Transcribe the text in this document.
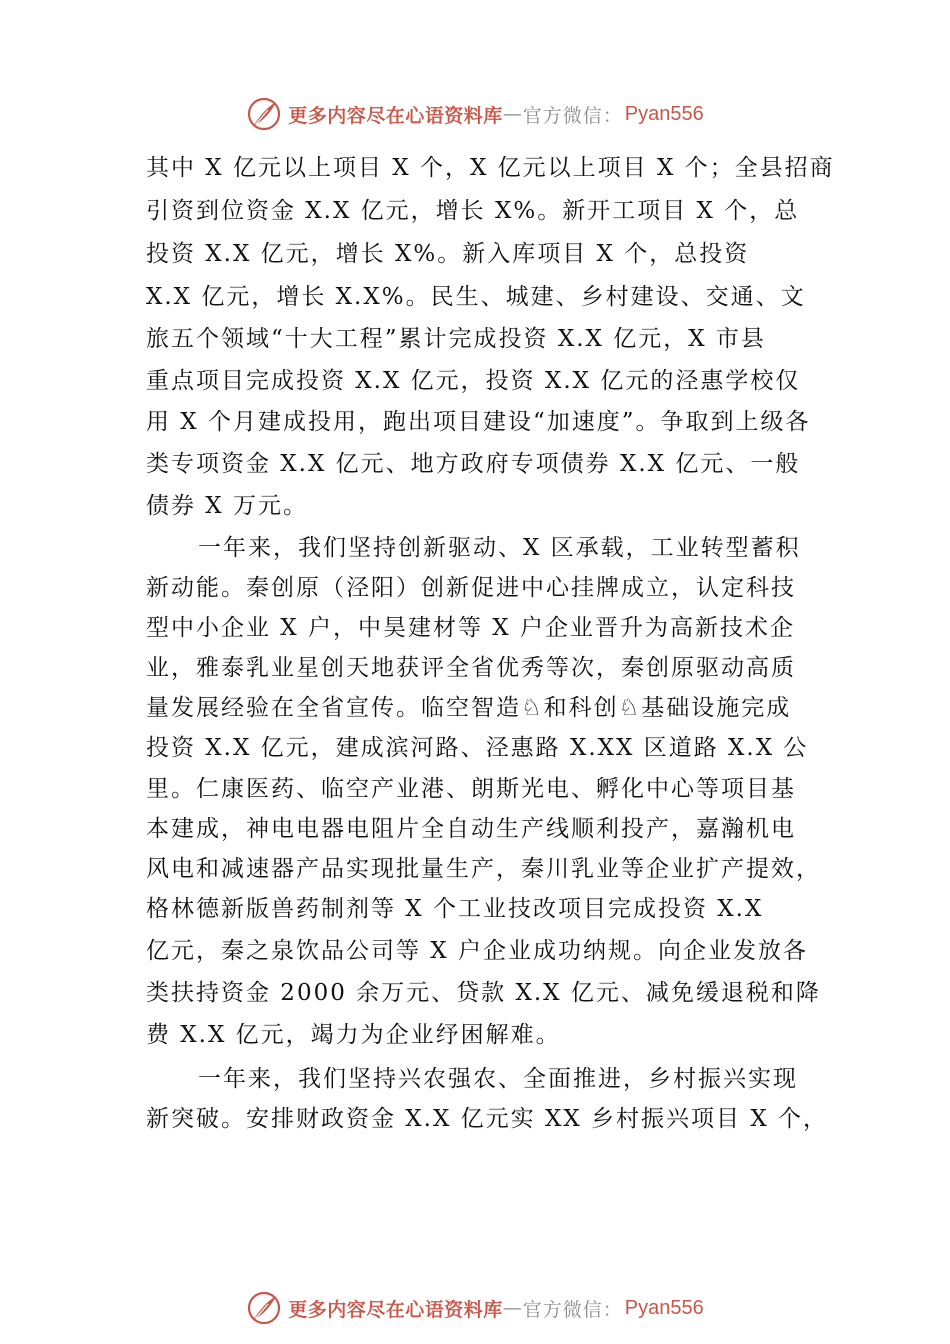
更多内容尽在心语资料库 — 官方微信： Pyan556
其中 X 亿元以上项目 X 个，X 亿元以上项目 X 个；全县招商
引资到位资金 X.X 亿元，增长 X%。新开工项目 X 个，总
投资 X.X 亿元，增长 X%。新入库项目 X 个，总投资
X.X 亿元，增长 X.X%。民生、城建、乡村建设、交通、文
旅五个领域“十大工程”累计完成投资 X.X 亿元，X 市县
重点项目完成投资 X.X 亿元，投资 X.X 亿元的泾惠学校仅
用 X 个月建成投用，跑出项目建设“加速度”。争取到上级各
类专项资金 X.X 亿元、地方政府专项债券 X.X 亿元、一般
债券 X 万元。
一年来，我们坚持创新驱动、X 区承载，工业转型蓄积
新动能。秦创原（泾阳）创新促进中心挂牌成立，认定科技
型中小企业 X 户，中昊建材等 X 户企业晋升为高新技术企
业，雅泰乳业星创天地获评全省优秀等次，秦创原驱动高质
量发展经验在全省宣传。临空智造♘和科创♘基础设施完成
投资 X.X 亿元，建成滨河路、泾惠路 X.XX 区道路 X.X 公
里。仁康医药、临空产业港、朗斯光电、孵化中心等项目基
本建成，神电电器电阻片全自动生产线顺利投产，嘉瀚机电
风电和减速器产品实现批量生产，秦川乳业等企业扩产提效，
格林德新版兽药制剂等 X 个工业技改项目完成投资 X.X
亿元，秦之泉饮品公司等 X 户企业成功纳规。向企业发放各
类扶持资金 2000 余万元、贷款 X.X 亿元、减免缓退税和降
费 X.X 亿元，竭力为企业纾困解难。
一年来，我们坚持兴农强农、全面推进，乡村振兴实现
新突破。安排财政资金 X.X 亿元实 XX 乡村振兴项目 X 个，
更多内容尽在心语资料库 — 官方微信： Pyan556
